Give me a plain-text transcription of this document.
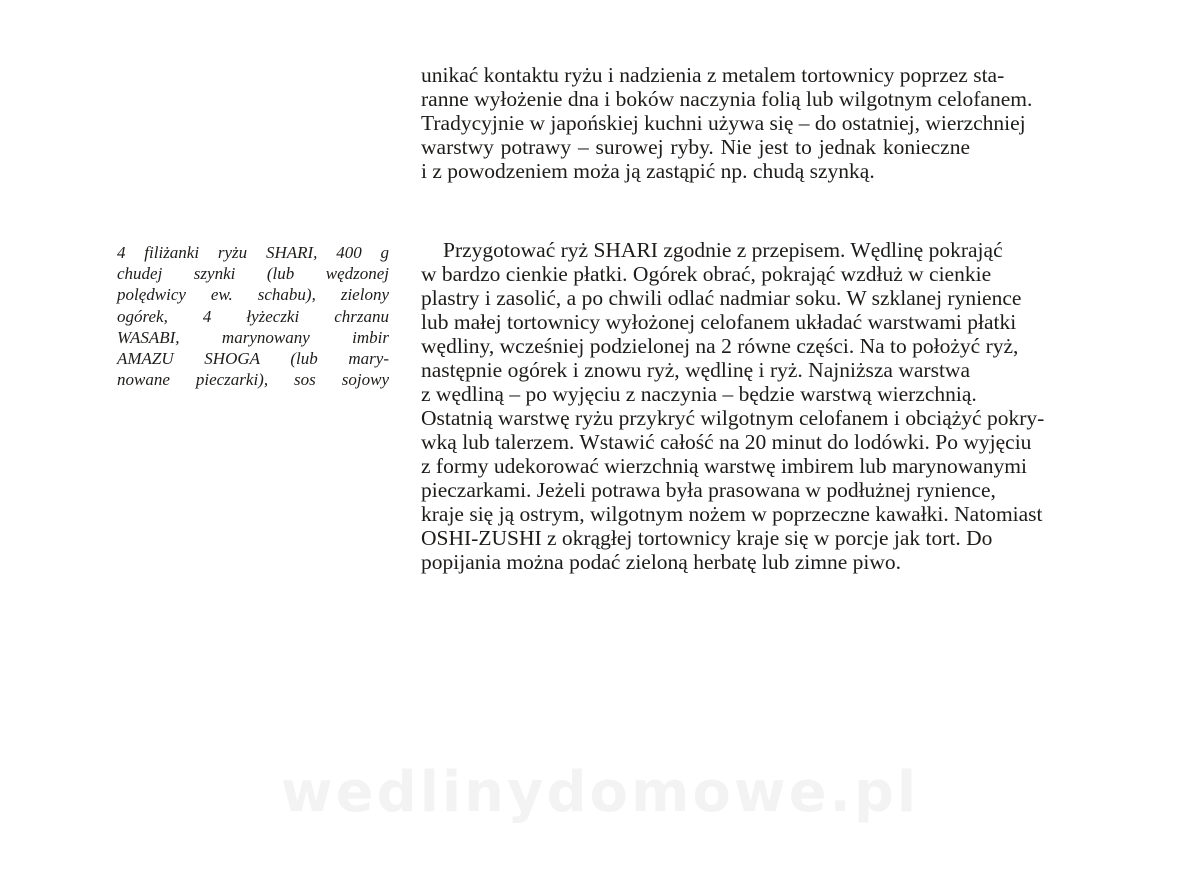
unikać kontaktu ryżu i nadzienia z metalem tortownicy poprzez sta-
ranne wyłożenie dna i boków naczynia folią lub wilgotnym celofanem.
Tradycyjnie w japońskiej kuchni używa się – do ostatniej, wierzchniej
warstwy potrawy – surowej ryby. Nie jest to jednak konieczne
i z powodzeniem moża ją zastąpić np. chudą szynką.
4 filiżanki ryżu SHARI, 400 g
chudej szynki (lub wędzonej
polędwicy ew. schabu), zielony
ogórek, 4 łyżeczki chrzanu
WASABI, marynowany imbir
AMAZU SHOGA (lub mary-
nowane pieczarki), sos sojowy
Przygotować ryż SHARI zgodnie z przepisem. Wędlinę pokrająć
w bardzo cienkie płatki. Ogórek obrać, pokrająć wzdłuż w cienkie
plastry i zasolić, a po chwili odlać nadmiar soku. W szklanej rynience
lub małej tortownicy wyłożonej celofanem układać warstwami płatki
wędliny, wcześniej podzielonej na 2 równe części. Na to położyć ryż,
następnie ogórek i znowu ryż, wędlinę i ryż. Najniższa warstwa
z wędliną – po wyjęciu z naczynia – będzie warstwą wierzchnią.
Ostatnią warstwę ryżu przykryć wilgotnym celofanem i obciążyć pokry-
wką lub talerzem. Wstawić całość na 20 minut do lodówki. Po wyjęciu
z formy udekorować wierzchnią warstwę imbirem lub marynowanymi
pieczarkami. Jeżeli potrawa była prasowana w podłużnej rynience,
kraje się ją ostrym, wilgotnym nożem w poprzeczne kawałki. Natomiast
OSHI-ZUSHI z okrągłej tortownicy kraje się w porcje jak tort. Do
popijania można podać zieloną herbatę lub zimne piwo.
wedlinydomowe.pl
